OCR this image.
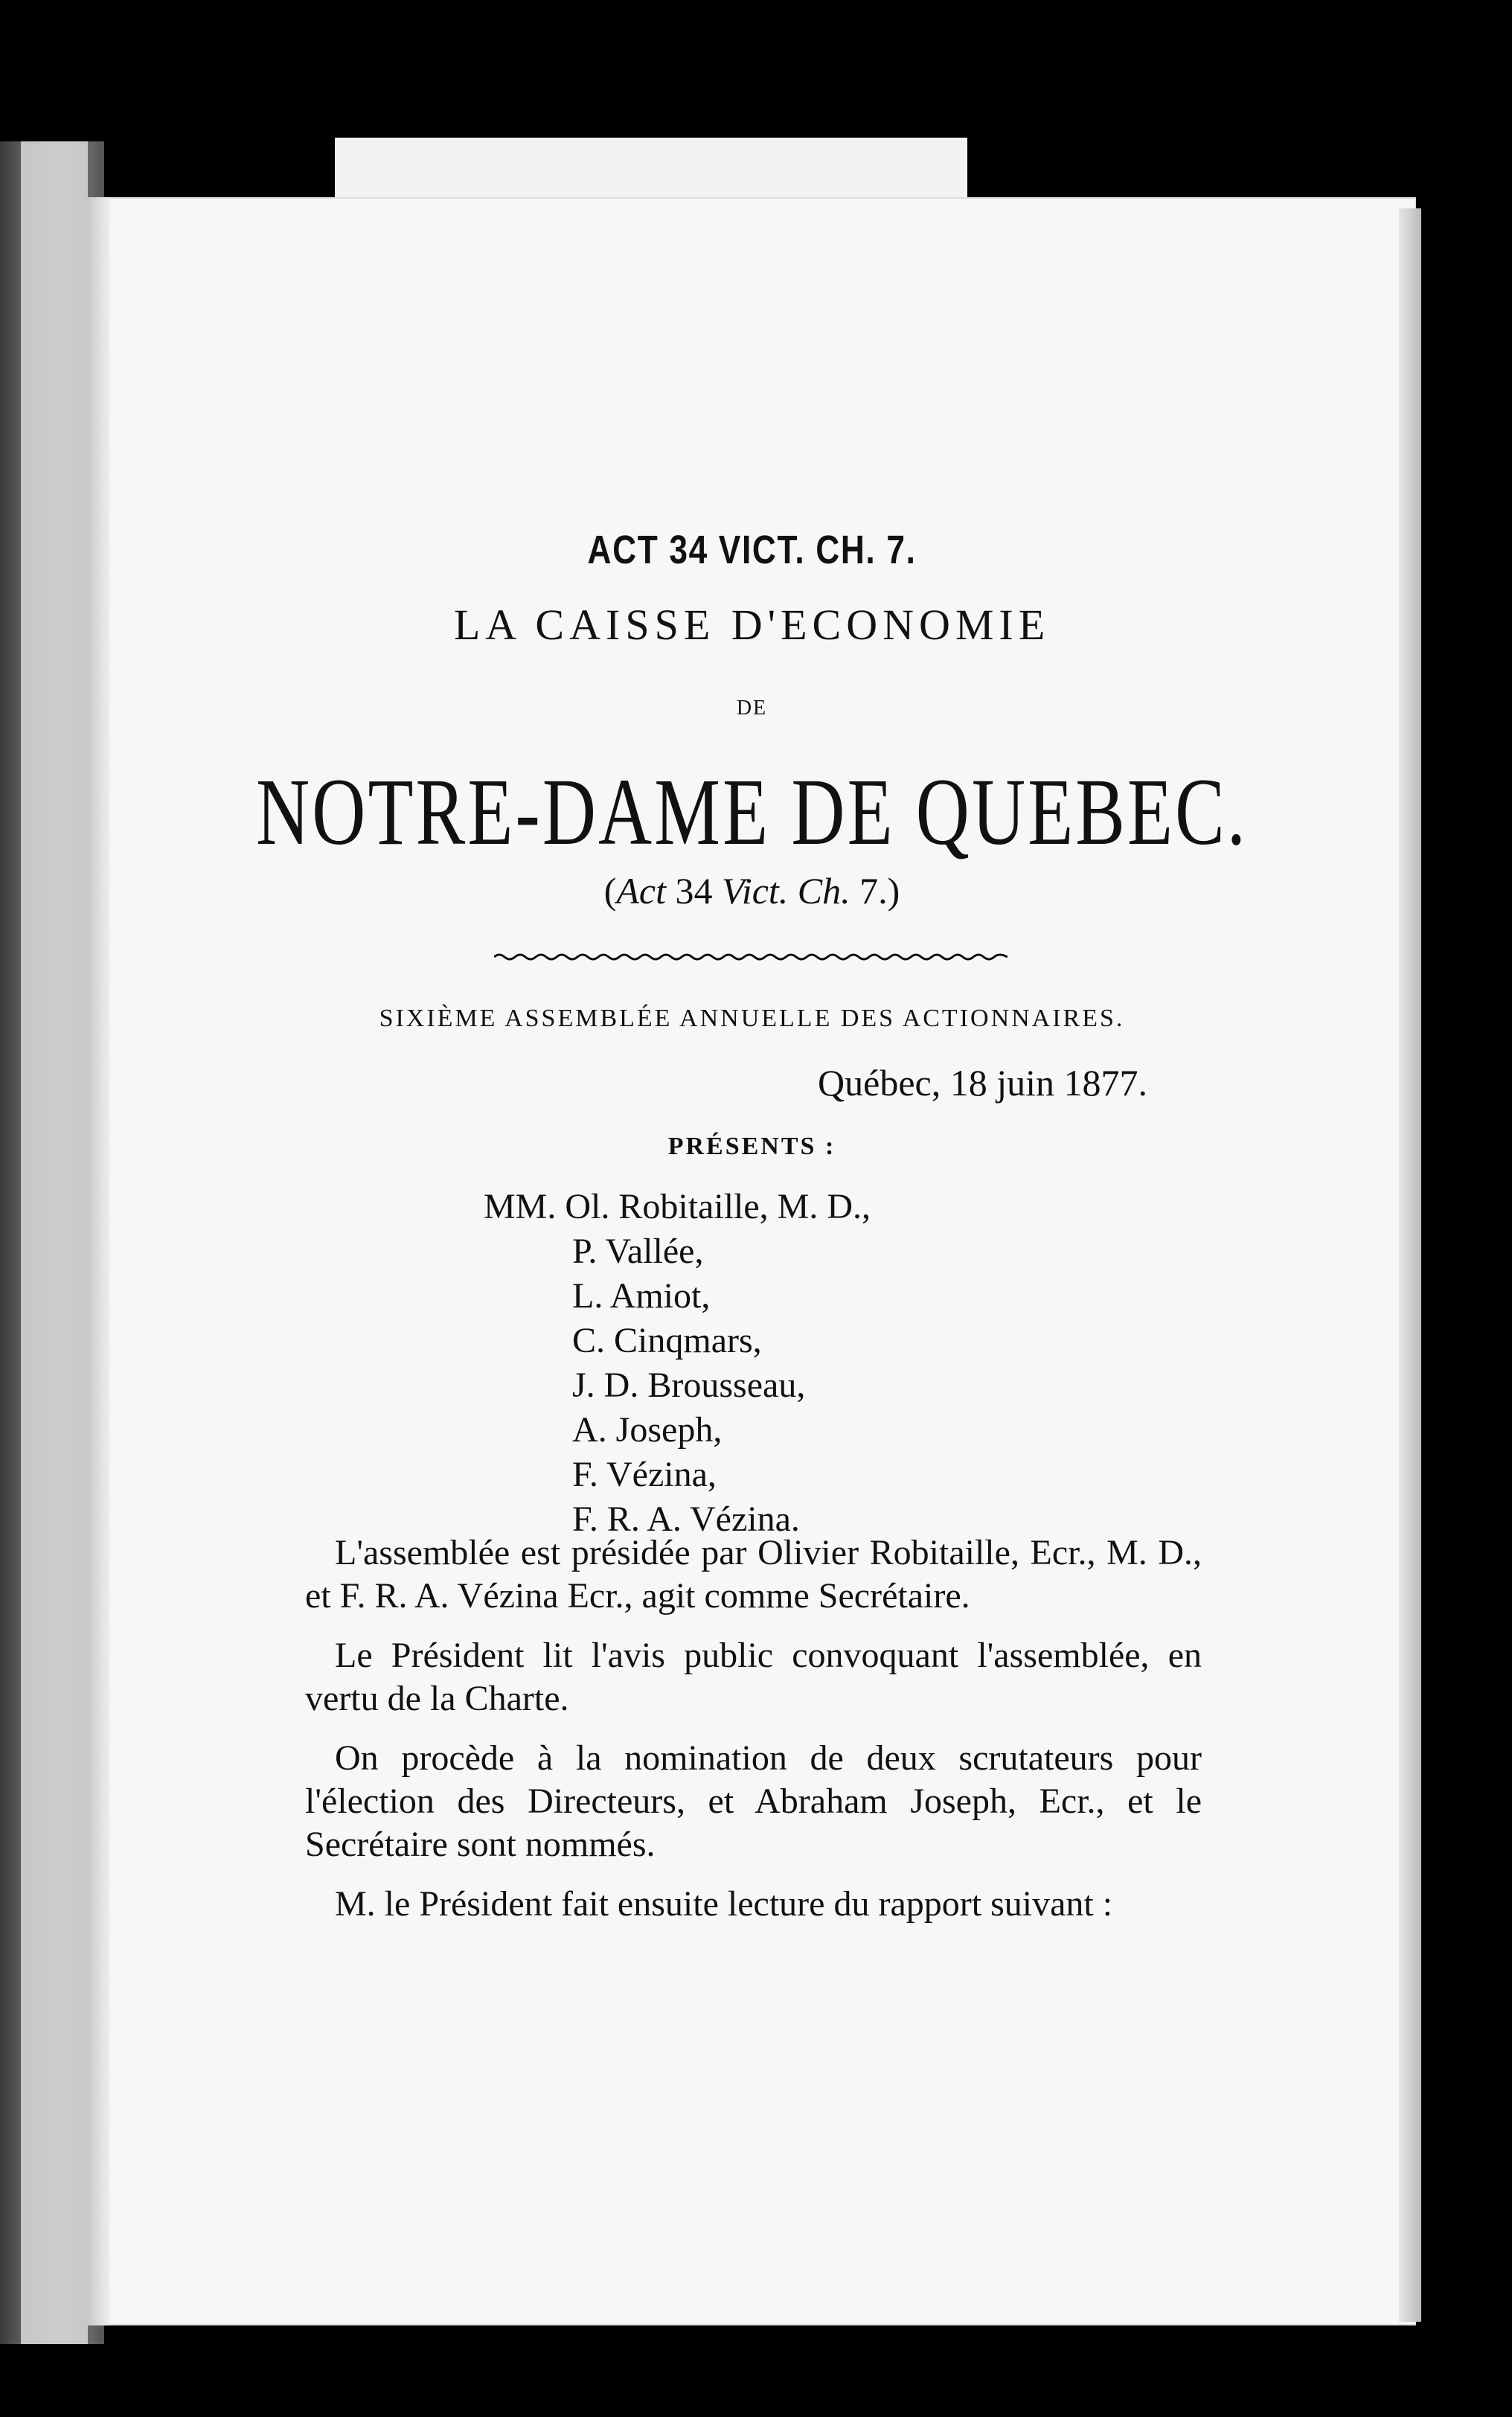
ACT 34 VICT. CH. 7.
LA CAISSE D'ECONOMIE
DE
NOTRE-DAME DE QUEBEC.
(Act 34 Vict. Ch. 7.)
SIXIÈME ASSEMBLÉE ANNUELLE DES ACTIONNAIRES.
Québec, 18 juin 1877.
PRÉSENTS :
MM. Ol. Robitaille, M. D.,
P. Vallée,
L. Amiot,
C. Cinqmars,
J. D. Brousseau,
A. Joseph,
F. Vézina,
F. R. A. Vézina.

L'assemblée est présidée par Olivier Robitaille, Ecr., M. D., et F. R. A. Vézina Ecr., agit comme Secrétaire.

Le Président lit l'avis public convoquant l'assemblée, en vertu de la Charte.

On procède à la nomination de deux scrutateurs pour l'élection des Directeurs, et Abraham Joseph, Ecr., et le Secrétaire sont nommés.

M. le Président fait ensuite lecture du rapport suivant :
